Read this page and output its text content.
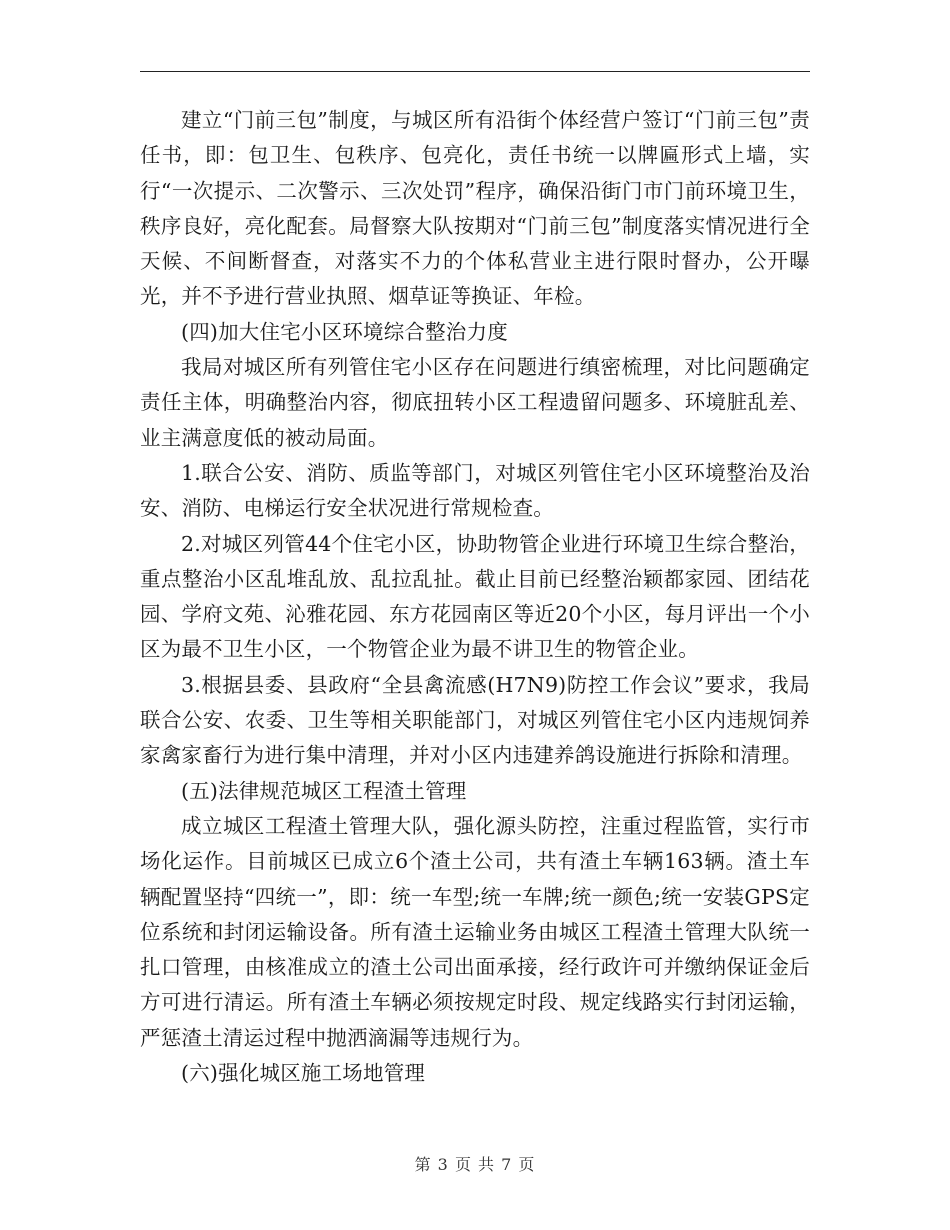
建立“门前三包”制度，与城区所有沿街个体经营户签订“门前三包”责任书，即：包卫生、包秩序、包亮化，责任书统一以牌匾形式上墙，实行“一次提示、二次警示、三次处罚”程序，确保沿街门市门前环境卫生，秩序良好，亮化配套。局督察大队按期对“门前三包”制度落实情况进行全天候、不间断督查，对落实不力的个体私营业主进行限时督办，公开曝光，并不予进行营业执照、烟草证等换证、年检。

(四)加大住宅小区环境综合整治力度

我局对城区所有列管住宅小区存在问题进行缜密梳理，对比问题确定责任主体，明确整治内容，彻底扭转小区工程遗留问题多、环境脏乱差、业主满意度低的被动局面。

1.联合公安、消防、质监等部门，对城区列管住宅小区环境整治及治安、消防、电梯运行安全状况进行常规检查。

2.对城区列管44个住宅小区，协助物管企业进行环境卫生综合整治，重点整治小区乱堆乱放、乱拉乱扯。截止目前已经整治颖都家园、团结花园、学府文苑、沁雅花园、东方花园南区等近20个小区，每月评出一个小区为最不卫生小区，一个物管企业为最不讲卫生的物管企业。

3.根据县委、县政府“全县禽流感(H7N9)防控工作会议”要求，我局联合公安、农委、卫生等相关职能部门，对城区列管住宅小区内违规饲养家禽家畜行为进行集中清理，并对小区内违建养鸽设施进行拆除和清理。

(五)法律规范城区工程渣土管理

成立城区工程渣土管理大队，强化源头防控，注重过程监管，实行市场化运作。目前城区已成立6个渣土公司，共有渣土车辆163辆。渣土车辆配置坚持“四统一”，即：统一车型;统一车牌;统一颜色;统一安装GPS定位系统和封闭运输设备。所有渣土运输业务由城区工程渣土管理大队统一扎口管理，由核准成立的渣土公司出面承接，经行政许可并缴纳保证金后方可进行清运。所有渣土车辆必须按规定时段、规定线路实行封闭运输，严惩渣土清运过程中抛洒滴漏等违规行为。

(六)强化城区施工场地管理

第 3 页 共 7 页
